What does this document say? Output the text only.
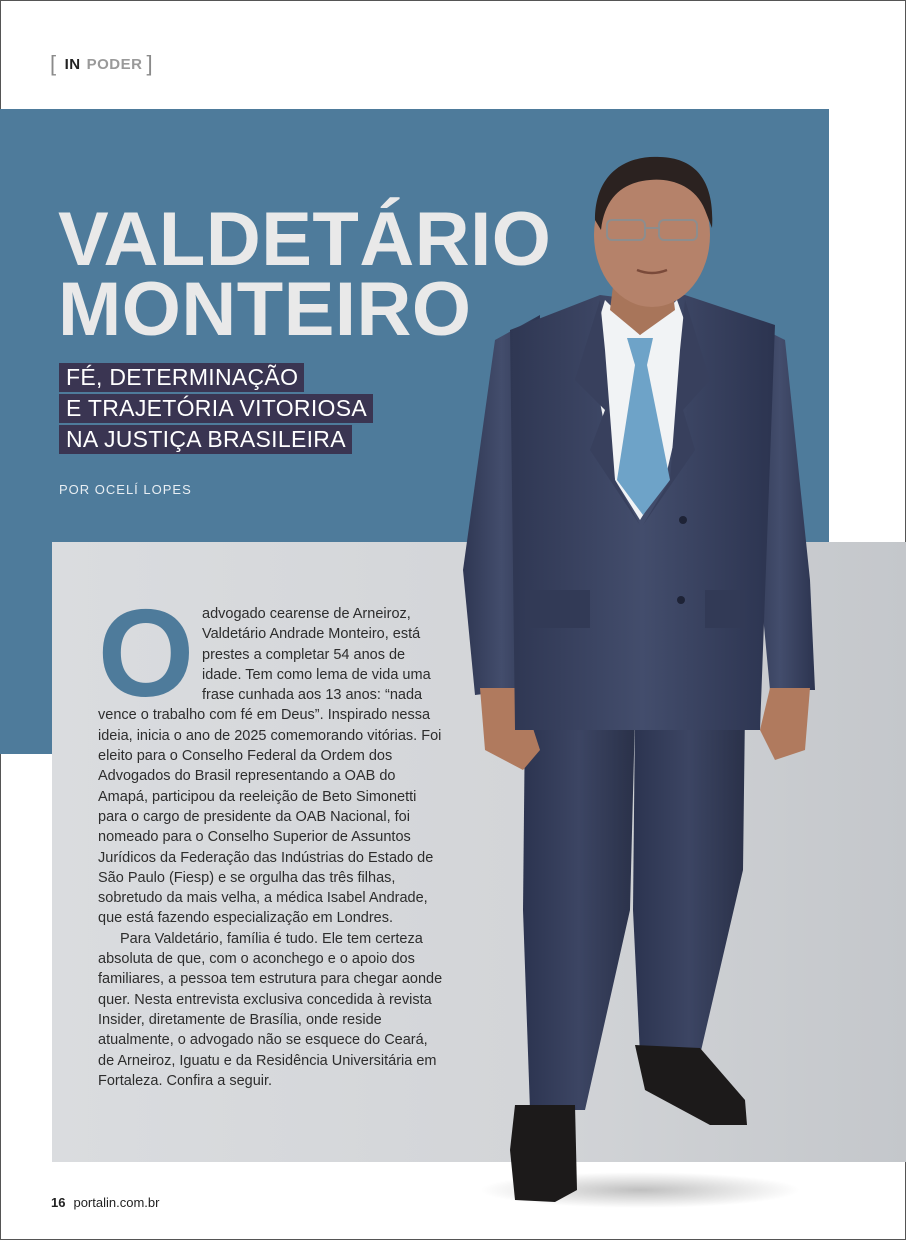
[ IN PODER ]
VALDETÁRIO
MONTEIRO
FÉ, DETERMINAÇÃO
E TRAJETÓRIA VITORIOSA
NA JUSTIÇA BRASILEIRA
POR OCELÍ LOPES
O advogado cearense de Arneiroz, Valdetário Andrade Monteiro, está prestes a completar 54 anos de idade. Tem como lema de vida uma frase cunhada aos 13 anos: “nada vence o trabalho com fé em Deus”. Inspirado nessa ideia, inicia o ano de 2025 comemorando vitórias. Foi eleito para o Conselho Federal da Ordem dos Advogados do Brasil representando a OAB do Amapá, participou da reeleição de Beto Simonetti para o cargo de presidente da OAB Nacional, foi nomeado para o Conselho Superior de Assuntos Jurídicos da Federação das Indústrias do Estado de São Paulo (Fiesp) e se orgulha das três filhas, sobretudo da mais velha, a médica Isabel Andrade, que está fazendo especialização em Londres.

Para Valdetário, família é tudo. Ele tem certeza absoluta de que, com o aconchego e o apoio dos familiares, a pessoa tem estrutura para chegar aonde quer. Nesta entrevista exclusiva concedida à revista Insider, diretamente de Brasília, onde reside atualmente, o advogado não se esquece do Ceará, de Arneiroz, Iguatu e da Residência Universitária em Fortaleza. Confira a seguir.

16 portalin.com.br
